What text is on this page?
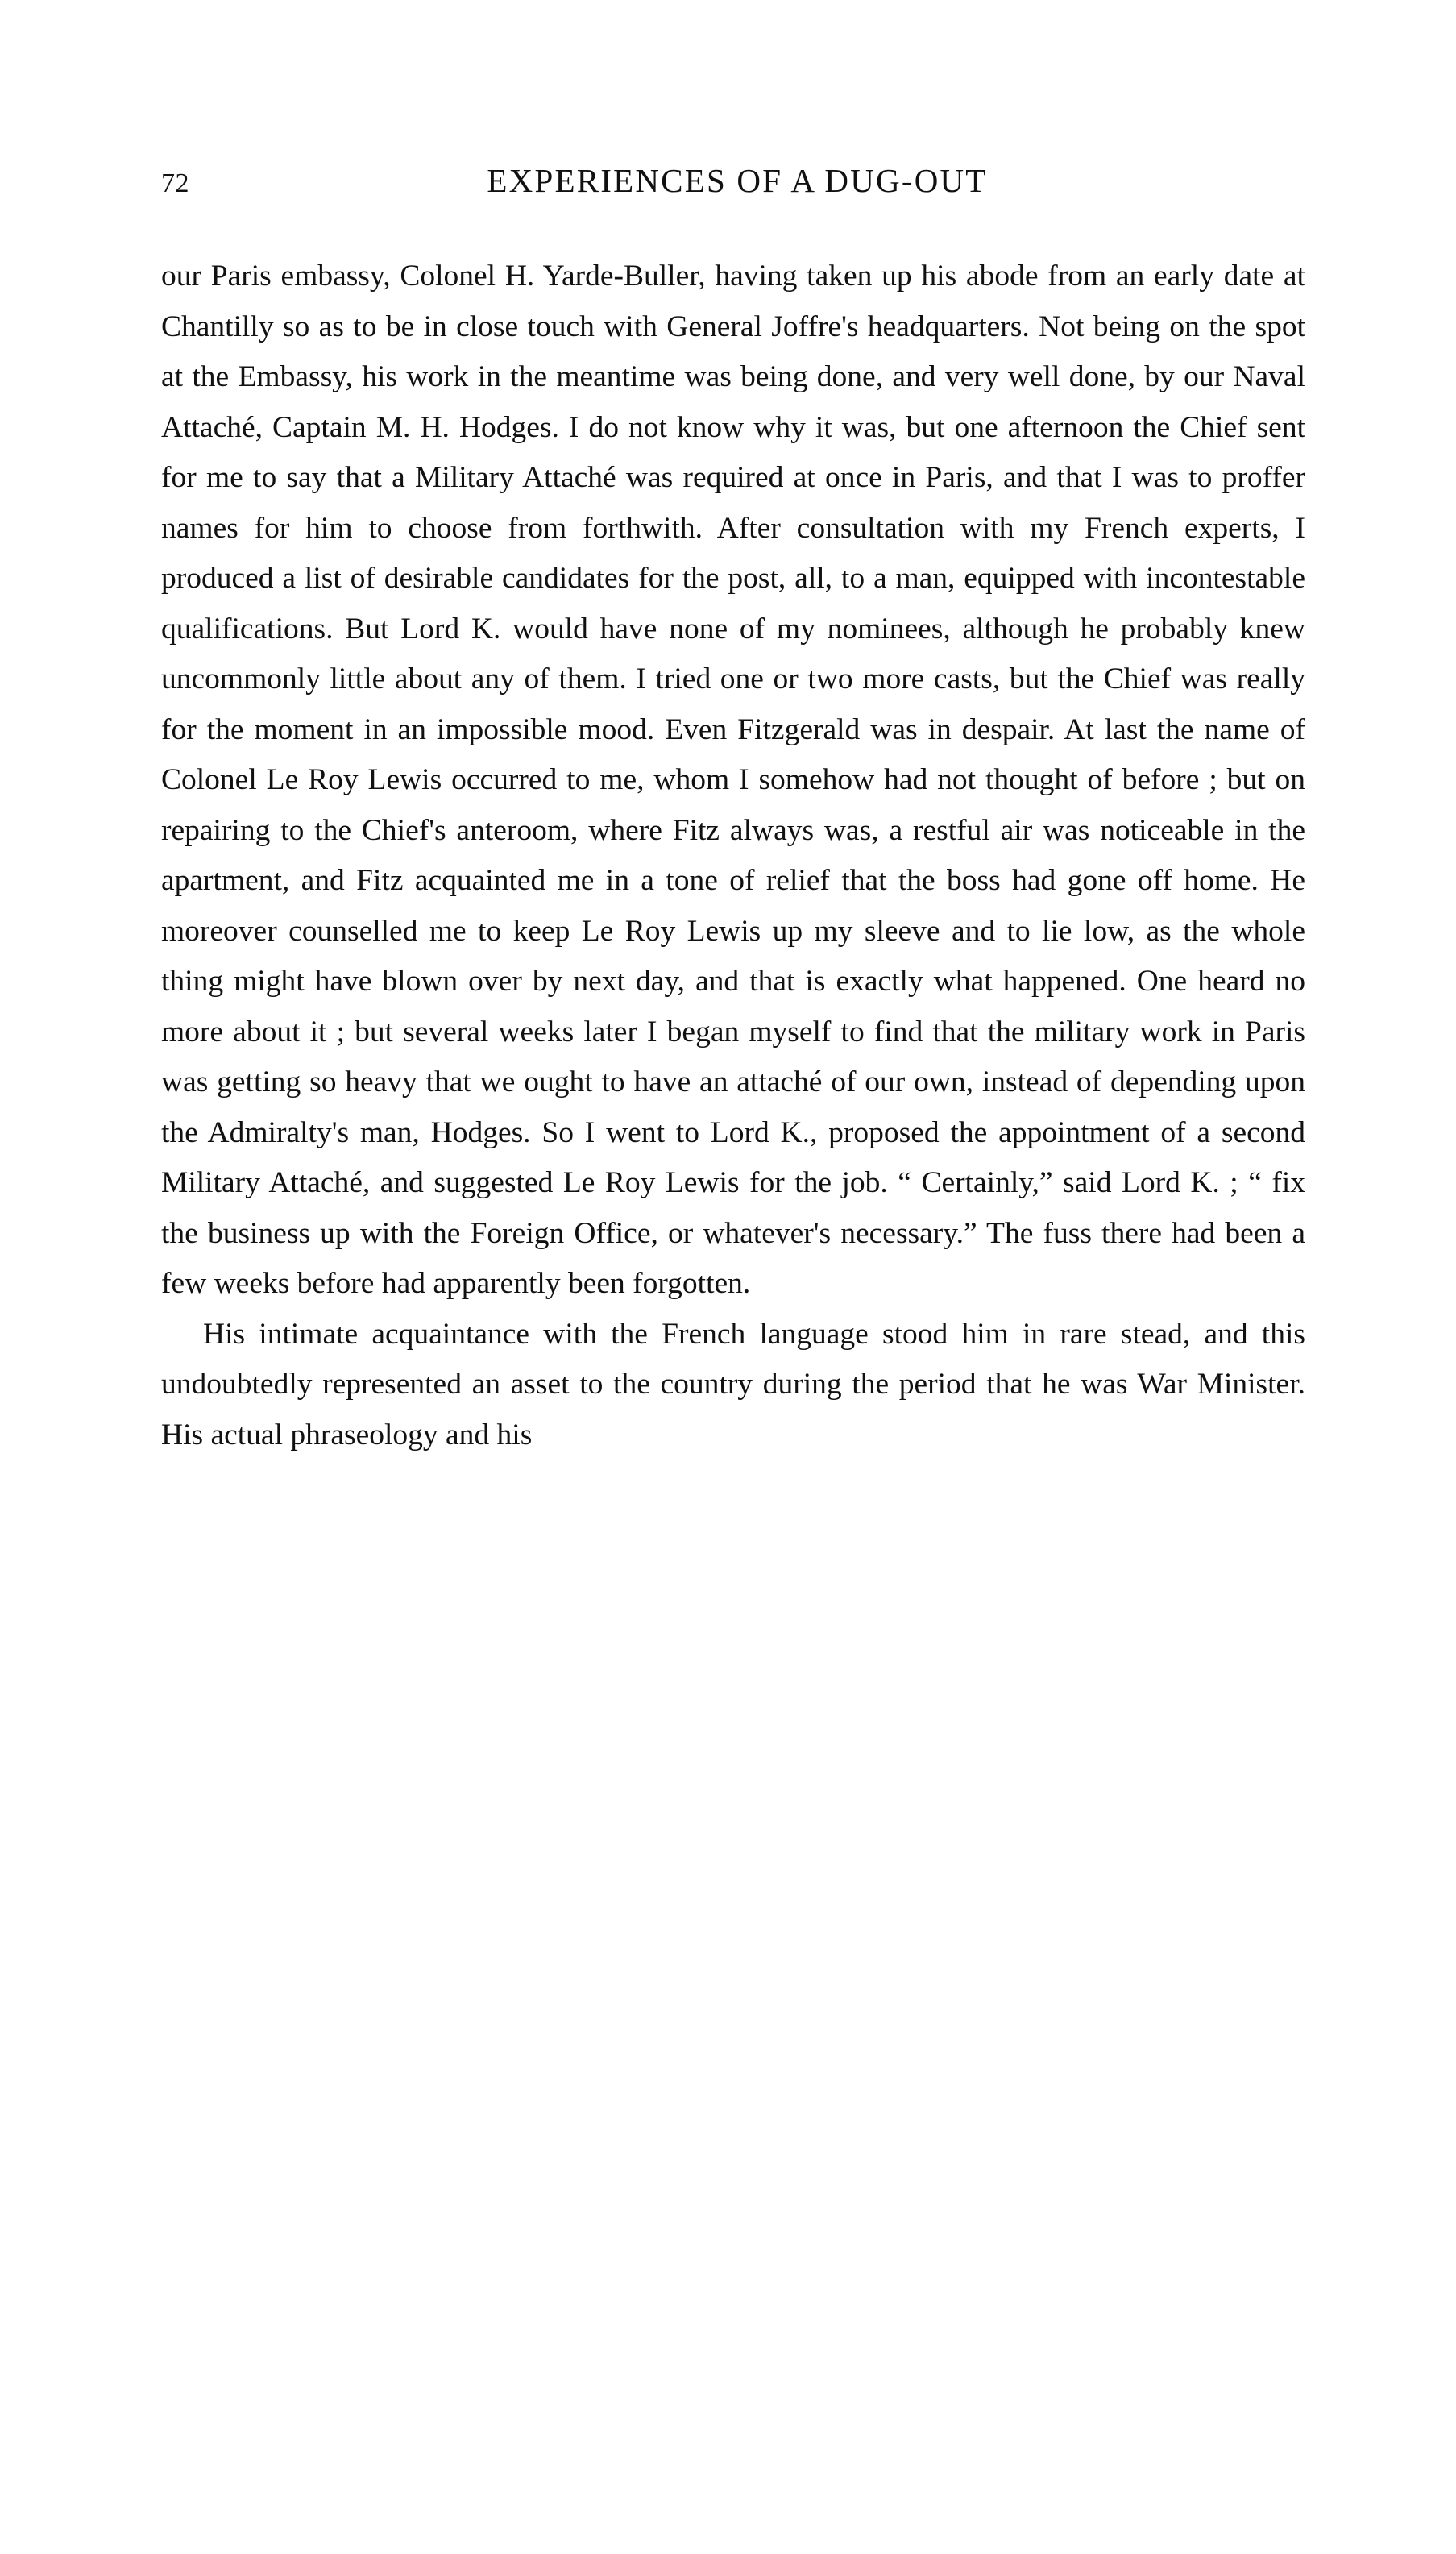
72	EXPERIENCES OF A DUG-OUT

our Paris embassy, Colonel H. Yarde-Buller, having taken up his abode from an early date at Chantilly so as to be in close touch with General Joffre's headquarters. Not being on the spot at the Embassy, his work in the meantime was being done, and very well done, by our Naval Attaché, Captain M. H. Hodges. I do not know why it was, but one afternoon the Chief sent for me to say that a Military Attaché was required at once in Paris, and that I was to proffer names for him to choose from forthwith. After consultation with my French experts, I produced a list of desirable candidates for the post, all, to a man, equipped with incontestable qualifications. But Lord K. would have none of my nominees, although he probably knew uncommonly little about any of them. I tried one or two more casts, but the Chief was really for the moment in an impossible mood. Even Fitzgerald was in despair. At last the name of Colonel Le Roy Lewis occurred to me, whom I somehow had not thought of before ; but on repairing to the Chief's anteroom, where Fitz always was, a restful air was noticeable in the apartment, and Fitz acquainted me in a tone of relief that the boss had gone off home. He moreover counselled me to keep Le Roy Lewis up my sleeve and to lie low, as the whole thing might have blown over by next day, and that is exactly what happened. One heard no more about it ; but several weeks later I began myself to find that the military work in Paris was getting so heavy that we ought to have an attaché of our own, instead of depending upon the Admiralty's man, Hodges. So I went to Lord K., proposed the appointment of a second Military Attaché, and suggested Le Roy Lewis for the job. “ Certainly,” said Lord K. ; “ fix the business up with the Foreign Office, or whatever's necessary.” The fuss there had been a few weeks before had apparently been forgotten.

His intimate acquaintance with the French language stood him in rare stead, and this undoubtedly represented an asset to the country during the period that he was War Minister. His actual phraseology and his
